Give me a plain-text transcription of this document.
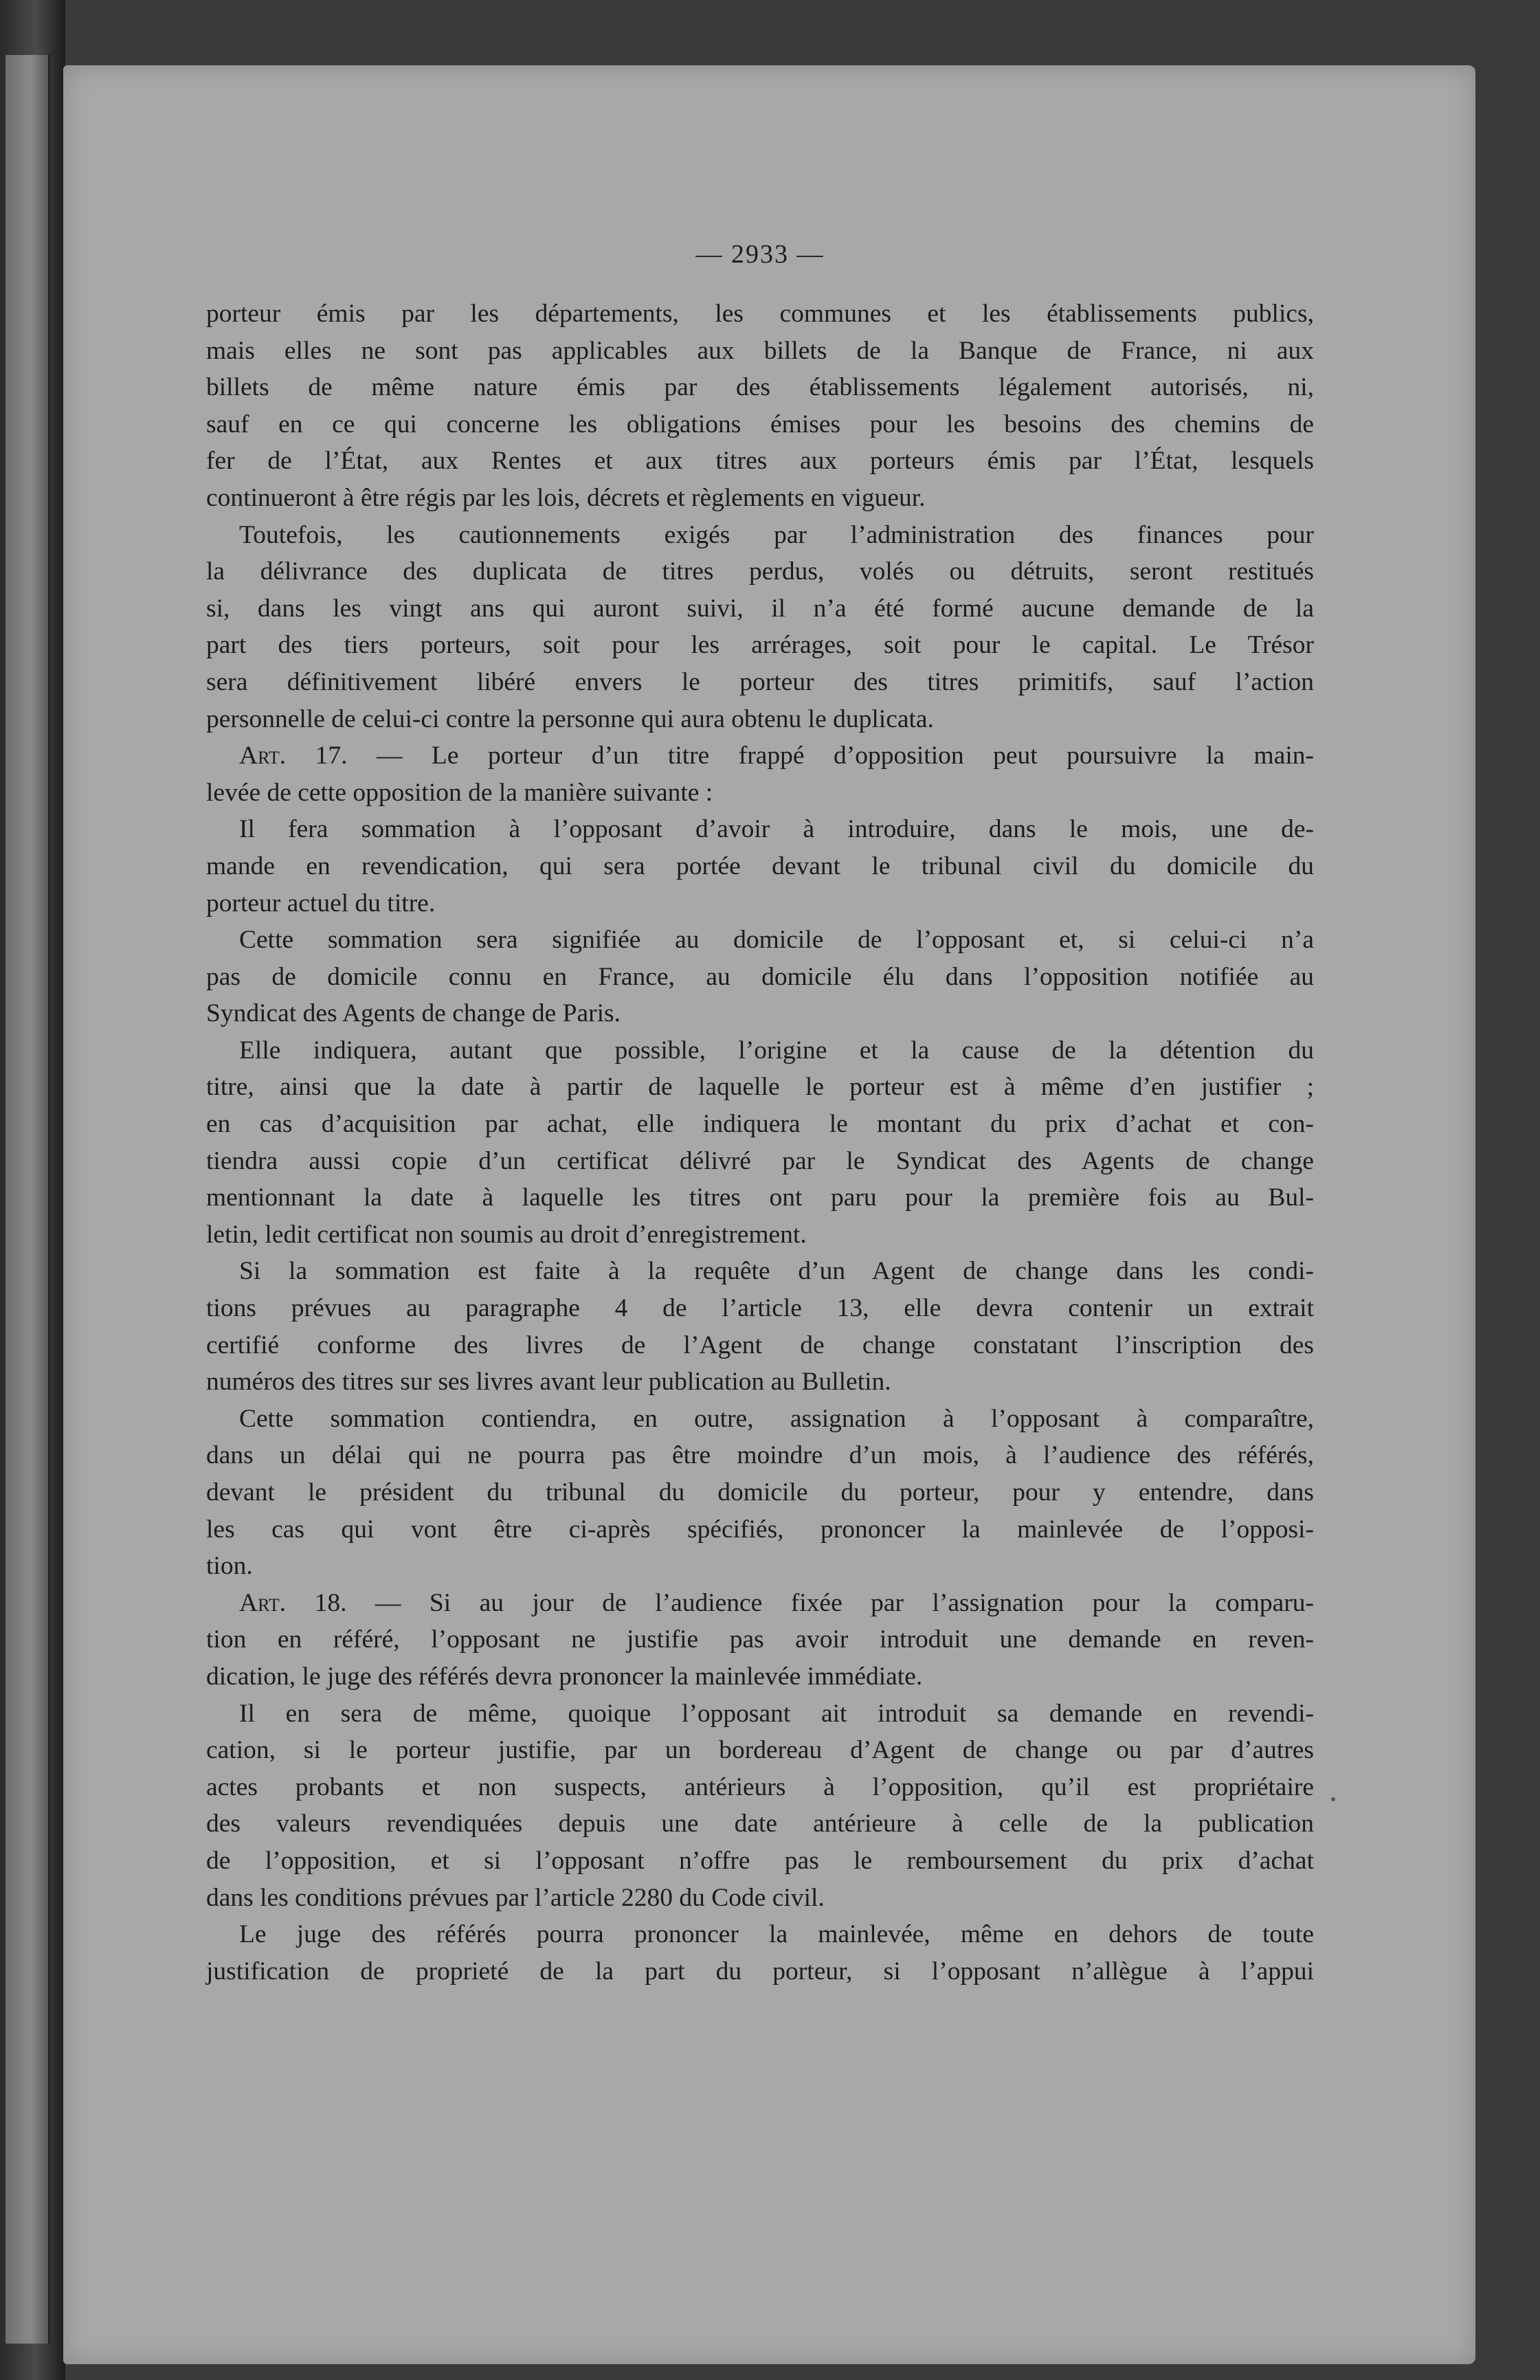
— 2933 —
porteur émis par les départements, les communes et les établissements publics,
mais elles ne sont pas applicables aux billets de la Banque de France, ni aux
billets de même nature émis par des établissements légalement autorisés, ni,
sauf en ce qui concerne les obligations émises pour les besoins des chemins de
fer de l’État, aux Rentes et aux titres aux porteurs émis par l’État, lesquels
continueront à être régis par les lois, décrets et règlements en vigueur.
Toutefois, les cautionnements exigés par l’administration des finances pour
la délivrance des duplicata de titres perdus, volés ou détruits, seront restitués
si, dans les vingt ans qui auront suivi, il n’a été formé aucune demande de la
part des tiers porteurs, soit pour les arrérages, soit pour le capital. Le Trésor
sera définitivement libéré envers le porteur des titres primitifs, sauf l’action
personnelle de celui-ci contre la personne qui aura obtenu le duplicata.
Art. 17. — Le porteur d’un titre frappé d’opposition peut poursuivre la main-
levée de cette opposition de la manière suivante :
Il fera sommation à l’opposant d’avoir à introduire, dans le mois, une de-
mande en revendication, qui sera portée devant le tribunal civil du domicile du
porteur actuel du titre.
Cette sommation sera signifiée au domicile de l’opposant et, si celui-ci n’a
pas de domicile connu en France, au domicile élu dans l’opposition notifiée au
Syndicat des Agents de change de Paris.
Elle indiquera, autant que possible, l’origine et la cause de la détention du
titre, ainsi que la date à partir de laquelle le porteur est à même d’en justifier ;
en cas d’acquisition par achat, elle indiquera le montant du prix d’achat et con-
tiendra aussi copie d’un certificat délivré par le Syndicat des Agents de change
mentionnant la date à laquelle les titres ont paru pour la première fois au Bul-
letin, ledit certificat non soumis au droit d’enregistrement.
Si la sommation est faite à la requête d’un Agent de change dans les condi-
tions prévues au paragraphe 4 de l’article 13, elle devra contenir un extrait
certifié conforme des livres de l’Agent de change constatant l’inscription des
numéros des titres sur ses livres avant leur publication au Bulletin.
Cette sommation contiendra, en outre, assignation à l’opposant à comparaître,
dans un délai qui ne pourra pas être moindre d’un mois, à l’audience des référés,
devant le président du tribunal du domicile du porteur, pour y entendre, dans
les cas qui vont être ci-après spécifiés, prononcer la mainlevée de l’opposi-
tion.
Art. 18. — Si au jour de l’audience fixée par l’assignation pour la comparu-
tion en référé, l’opposant ne justifie pas avoir introduit une demande en reven-
dication, le juge des référés devra prononcer la mainlevée immédiate.
Il en sera de même, quoique l’opposant ait introduit sa demande en revendi-
cation, si le porteur justifie, par un bordereau d’Agent de change ou par d’autres
actes probants et non suspects, antérieurs à l’opposition, qu’il est propriétaire
des valeurs revendiquées depuis une date antérieure à celle de la publication
de l’opposition, et si l’opposant n’offre pas le remboursement du prix d’achat
dans les conditions prévues par l’article 2280 du Code civil.
Le juge des référés pourra prononcer la mainlevée, même en dehors de toute
justification de proprieté de la part du porteur, si l’opposant n’allègue à l’appui
